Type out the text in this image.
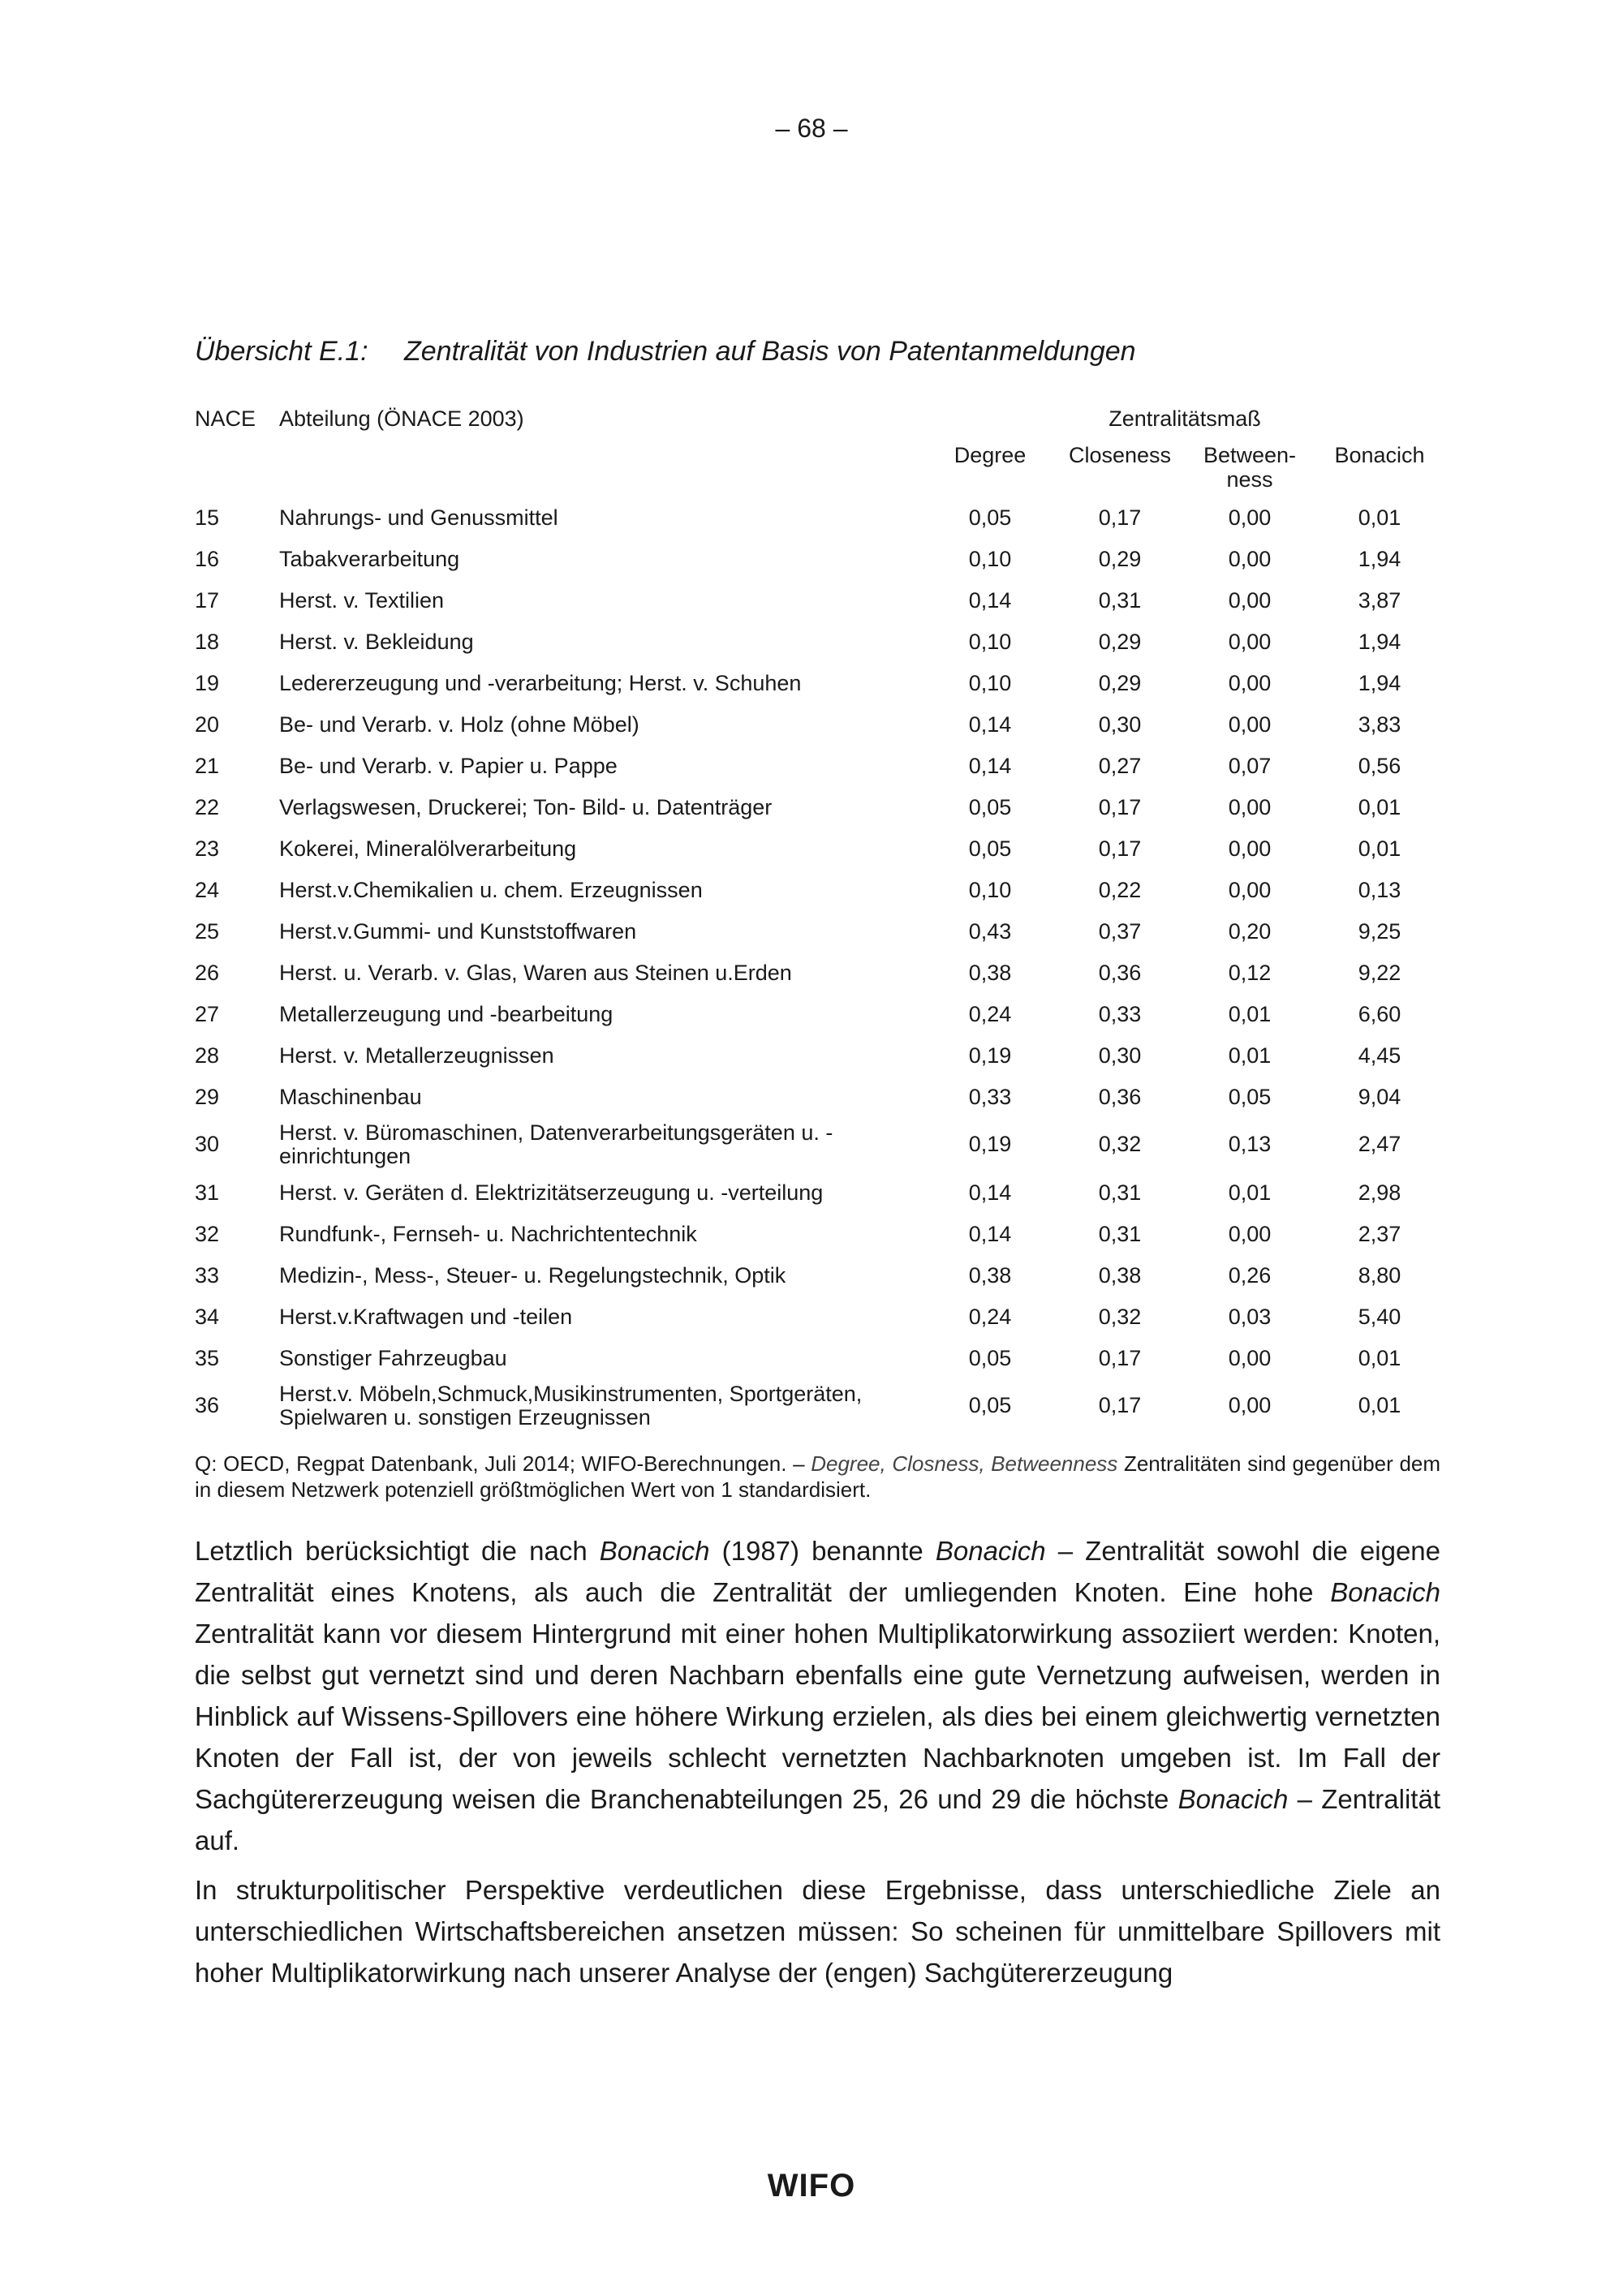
– 68 –
Übersicht E.1: Zentralität von Industrien auf Basis von Patentanmeldungen
NACE	Abteilung (ÖNACE 2003)	Zentralitätsmaß			
		Degree	Closeness	Between-
ness	Bonacich
15	Nahrungs- und Genussmittel	0,05	0,17	0,00	0,01
16	Tabakverarbeitung	0,10	0,29	0,00	1,94
17	Herst. v. Textilien	0,14	0,31	0,00	3,87
18	Herst. v. Bekleidung	0,10	0,29	0,00	1,94
19	Ledererzeugung und -verarbeitung; Herst. v. Schuhen	0,10	0,29	0,00	1,94
20	Be- und Verarb. v. Holz (ohne Möbel)	0,14	0,30	0,00	3,83
21	Be- und Verarb. v. Papier u. Pappe	0,14	0,27	0,07	0,56
22	Verlagswesen, Druckerei; Ton- Bild- u. Datenträger	0,05	0,17	0,00	0,01
23	Kokerei, Mineralölverarbeitung	0,05	0,17	0,00	0,01
24	Herst.v.Chemikalien u. chem. Erzeugnissen	0,10	0,22	0,00	0,13
25	Herst.v.Gummi- und Kunststoffwaren	0,43	0,37	0,20	9,25
26	Herst. u. Verarb. v. Glas, Waren aus Steinen u.Erden	0,38	0,36	0,12	9,22
27	Metallerzeugung und -bearbeitung	0,24	0,33	0,01	6,60
28	Herst. v. Metallerzeugnissen	0,19	0,30	0,01	4,45
29	Maschinenbau	0,33	0,36	0,05	9,04
30	Herst. v. Büromaschinen, Datenverarbeitungsgeräten u. -einrichtungen	0,19	0,32	0,13	2,47
31	Herst. v. Geräten d. Elektrizitätserzeugung u. -verteilung	0,14	0,31	0,01	2,98
32	Rundfunk-, Fernseh- u. Nachrichtentechnik	0,14	0,31	0,00	2,37
33	Medizin-, Mess-, Steuer- u. Regelungstechnik, Optik	0,38	0,38	0,26	8,80
34	Herst.v.Kraftwagen und -teilen	0,24	0,32	0,03	5,40
35	Sonstiger Fahrzeugbau	0,05	0,17	0,00	0,01
36	Herst.v. Möbeln,Schmuck,Musikinstrumenten, Sportgeräten, Spielwaren u. sonstigen Erzeugnissen	0,05	0,17	0,00	0,01
Q: OECD, Regpat Datenbank, Juli 2014; WIFO-Berechnungen. – Degree, Closness, Betweenness Zentralitäten sind gegenüber dem in diesem Netzwerk potenziell größtmöglichen Wert von 1 standardisiert.

Letztlich berücksichtigt die nach Bonacich (1987) benannte Bonacich – Zentralität sowohl die eigene Zentralität eines Knotens, als auch die Zentralität der umliegenden Knoten. Eine hohe Bonacich Zentralität kann vor diesem Hintergrund mit einer hohen Multiplikatorwirkung assoziiert werden: Knoten, die selbst gut vernetzt sind und deren Nachbarn ebenfalls eine gute Vernetzung aufweisen, werden in Hinblick auf Wissens-Spillovers eine höhere Wirkung erzielen, als dies bei einem gleichwertig vernetzten Knoten der Fall ist, der von jeweils schlecht vernetzten Nachbarknoten umgeben ist. Im Fall der Sachgütererzeugung weisen die Branchenabteilungen 25, 26 und 29 die höchste Bonacich – Zentralität auf.

In strukturpolitischer Perspektive verdeutlichen diese Ergebnisse, dass unterschiedliche Ziele an unterschiedlichen Wirtschaftsbereichen ansetzen müssen: So scheinen für unmittelbare Spillovers mit hoher Multiplikatorwirkung nach unserer Analyse der (engen) Sachgütererzeugung

WIFO
